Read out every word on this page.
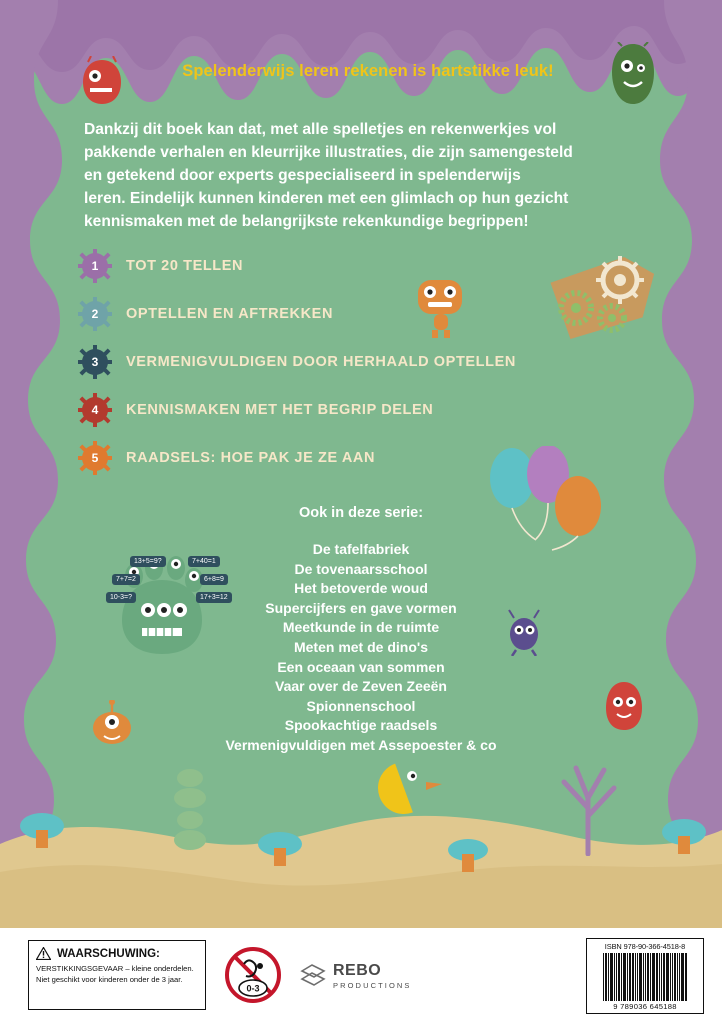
13+5=9?	7+40=1
7+7=2	6+8=9
10-3=?	17+3=12
Spelenderwijs leren rekenen is hartstikke leuk!
Dankzij dit boek kan dat, met alle spelletjes en rekenwerkjes vol
pakkende verhalen en kleurrijke illustraties, die zijn samengesteld
en getekend door experts gespecialiseerd in spelenderwijs
leren. Eindelijk kunnen kinderen met een glimlach op hun gezicht
kennismaken met de belangrijkste rekenkundige begrippen!
1	TOT 20 TELLEN
2	OPTELLEN EN AFTREKKEN
3	VERMENIGVULDIGEN DOOR HERHAALD OPTELLEN
4	KENNISMAKEN MET HET BEGRIP DELEN
5	RAADSELS: HOE PAK JE ZE AAN
Ook in deze serie:
De tafelfabriek
De tovenaarsschool
Het betoverde woud
Supercijfers en gave vormen
Meetkunde in de ruimte
Meten met de dino's
Een oceaan van sommen
Vaar over de Zeven Zeeën
Spionnenschool
Spookachtige raadsels
Vermenigvuldigen met Assepoester & co
WAARSCHUWING:
VERSTIKKINGSGEVAAR – kleine onderdelen.
Niet geschikt voor kinderen onder de 3 jaar.
0-3
REBO
PRODUCTIONS
ISBN 978-90-366-4518-8
9 789036 645188
